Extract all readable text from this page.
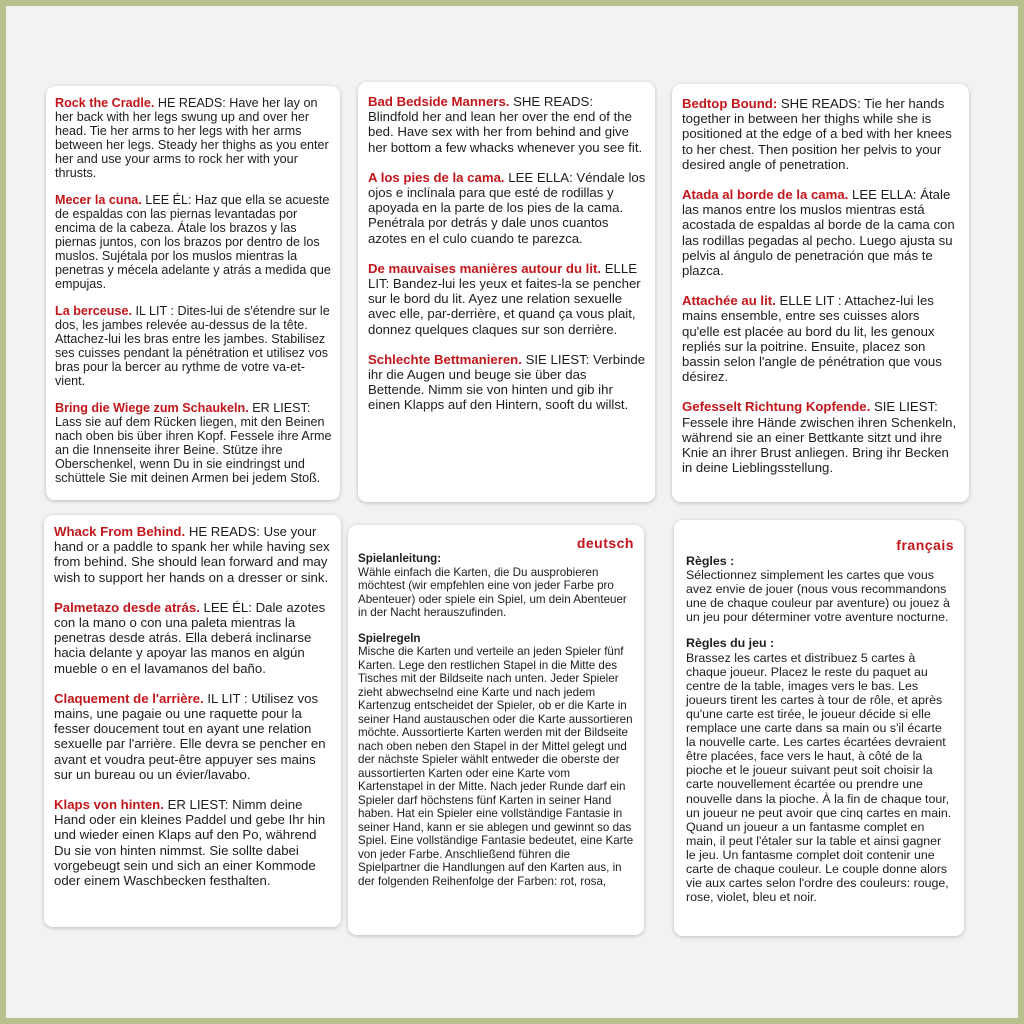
Rock the Cradle. HE READS: Have her lay on her back with her legs swung up and over her head. Tie her arms to her legs with her arms between her legs. Steady her thighs as you enter her and use your arms to rock her with your thrusts.

Mecer la cuna. LEE ÉL: Haz que ella se acueste de espaldas con las piernas levantadas por encima de la cabeza. Átale los brazos y las piernas juntos, con los brazos por dentro de los muslos. Sujétala por los muslos mientras la penetras y mécela adelante y atrás a medida que empujas.

La berceuse. IL LIT : Dites-lui de s'étendre sur le dos, les jambes relevée au-dessus de la tête. Attachez-lui les bras entre les jambes. Stabilisez ses cuisses pendant la pénétration et utilisez vos bras pour la bercer au rythme de votre va-et-vient.

Bring die Wiege zum Schaukeln. ER LIEST: Lass sie auf dem Rücken liegen, mit den Beinen nach oben bis über ihren Kopf. Fessele ihre Arme an die Innenseite ihrer Beine. Stütze ihre Oberschenkel, wenn Du in sie eindringst und schüttele Sie mit deinen Armen bei jedem Stoß.

Bad Bedside Manners. SHE READS: Blindfold her and lean her over the end of the bed. Have sex with her from behind and give her bottom a few whacks whenever you see fit.

A los pies de la cama. LEE ELLA: Véndale los ojos e inclínala para que esté de rodillas y apoyada en la parte de los pies de la cama. Penétrala por detrás y dale unos cuantos azotes en el culo cuando te parezca.

De mauvaises manières autour du lit. ELLE LIT: Bandez-lui les yeux et faites-la se pencher sur le bord du lit. Ayez une relation sexuelle avec elle, par-derrière, et quand ça vous plait, donnez quelques claques sur son derrière.

Schlechte Bettmanieren. SIE LIEST: Verbinde ihr die Augen und beuge sie über das Bettende. Nimm sie von hinten und gib ihr einen Klapps auf den Hintern, sooft du willst.

Bedtop Bound: SHE READS: Tie her hands together in between her thighs while she is positioned at the edge of a bed with her knees to her chest. Then position her pelvis to your desired angle of penetration.

Atada al borde de la cama. LEE ELLA: Átale las manos entre los muslos mientras está acostada de espaldas al borde de la cama con las rodillas pegadas al pecho. Luego ajusta su pelvis al ángulo de penetración que más te plazca.

Attachée au lit. ELLE LIT : Attachez-lui les mains ensemble, entre ses cuisses alors qu'elle est placée au bord du lit, les genoux repliés sur la poitrine. Ensuite, placez son bassin selon l'angle de pénétration que vous désirez.

Gefesselt Richtung Kopfende. SIE LIEST: Fessele ihre Hände zwischen ihren Schenkeln, während sie an einer Bettkante sitzt und ihre Knie an ihrer Brust anliegen. Bring ihr Becken in deine Lieblingsstellung.

Whack From Behind. HE READS: Use your hand or a paddle to spank her while having sex from behind. She should lean forward and may wish to support her hands on a dresser or sink.

Palmetazo desde atrás. LEE ÉL: Dale azotes con la mano o con una paleta mientras la penetras desde atrás. Ella deberá inclinarse hacia delante y apoyar las manos en algún mueble o en el lavamanos del baño.

Claquement de l'arrière. IL LIT : Utilisez vos mains, une pagaie ou une raquette pour la fesser doucement tout en ayant une relation sexuelle par l'arrière. Elle devra se pencher en avant et voudra peut-être appuyer ses mains sur un bureau ou un évier/lavabo.

Klaps von hinten. ER LIEST: Nimm deine Hand oder ein kleines Paddel und gebe Ihr hin und wieder einen Klaps auf den Po, während Du sie von hinten nimmst. Sie sollte dabei vorgebeugt sein und sich an einer Kommode oder einem Waschbecken festhalten.

deutsch

Spielanleitung:

Wähle einfach die Karten, die Du ausprobieren möchtest (wir empfehlen eine von jeder Farbe pro Abenteuer) oder spiele ein Spiel, um dein Abenteuer in der Nacht herauszufinden.

Spielregeln

Mische die Karten und verteile an jeden Spieler fünf Karten. Lege den restlichen Stapel in die Mitte des Tisches mit der Bildseite nach unten. Jeder Spieler zieht abwechselnd eine Karte und nach jedem Kartenzug entscheidet der Spieler, ob er die Karte in seiner Hand austauschen oder die Karte aussortieren möchte. Aussortierte Karten werden mit der Bildseite nach oben neben den Stapel in der Mittel gelegt und der nächste Spieler wählt entweder die oberste der aussortierten Karten oder eine Karte vom Kartenstapel in der Mitte. Nach jeder Runde darf ein Spieler darf höchstens fünf Karten in seiner Hand haben. Hat ein Spieler eine vollständige Fantasie in seiner Hand, kann er sie ablegen und gewinnt so das Spiel. Eine vollständige Fantasie bedeutet, eine Karte von jeder Farbe. Anschließend führen die Spielpartner die Handlungen auf den Karten aus, in der folgenden Reihenfolge der Farben: rot, rosa,

français

Règles :

Sélectionnez simplement les cartes que vous avez envie de jouer (nous vous recommandons une de chaque couleur par aventure) ou jouez à un jeu pour déterminer votre aventure nocturne.

Règles du jeu :

Brassez les cartes et distribuez 5 cartes à chaque joueur. Placez le reste du paquet au centre de la table, images vers le bas. Les joueurs tirent les cartes à tour de rôle, et après qu'une carte est tirée, le joueur décide si elle remplace une carte dans sa main ou s'il écarte la nouvelle carte. Les cartes écartées devraient être placées, face vers le haut, à côté de la pioche et le joueur suivant peut soit choisir la carte nouvellement écartée ou prendre une nouvelle dans la pioche. À la fin de chaque tour, un joueur ne peut avoir que cinq cartes en main. Quand un joueur a un fantasme complet en main, il peut l'étaler sur la table et ainsi gagner le jeu. Un fantasme complet doit contenir une carte de chaque couleur. Le couple donne alors vie aux cartes selon l'ordre des couleurs: rouge, rose, violet, bleu et noir.
